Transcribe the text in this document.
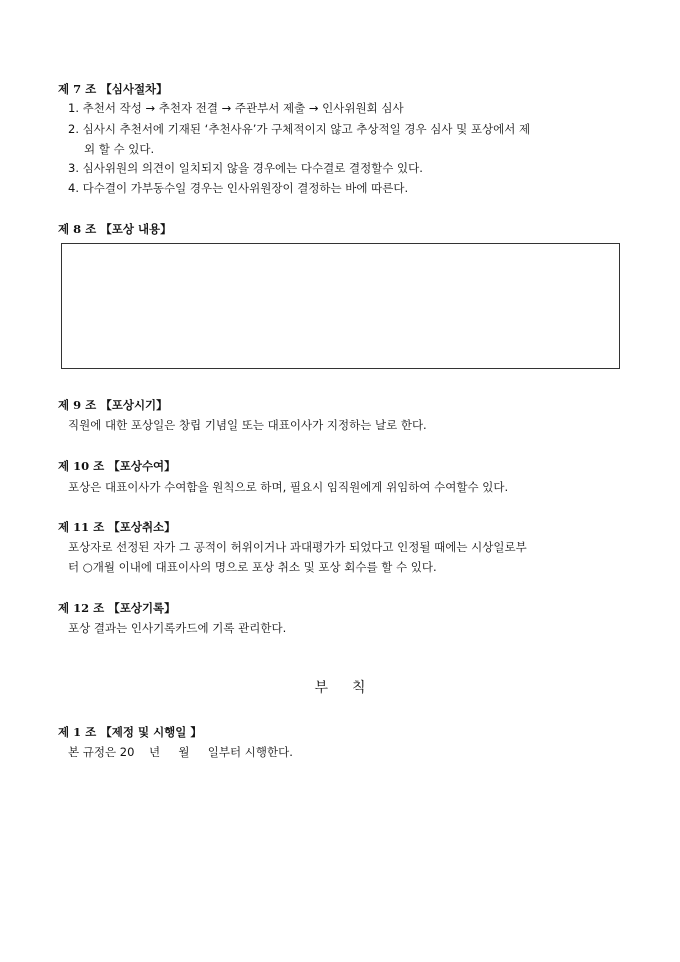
제 7 조 【심사절차】
1. 추천서 작성 → 추천자 전결 → 주관부서 제출 → 인사위원회 심사
2. 심사시 추천서에 기재된 ‘추천사유’가 구체적이지 않고 추상적일 경우 심사 및 포상에서 제
외 할 수 있다.
3. 심사위원의 의견이 일치되지 않을 경우에는 다수결로 결정할수 있다.
4. 다수결이 가부동수일 경우는 인사위원장이 결정하는 바에 따른다.
제 8 조 【포상 내용】
제 9 조 【포상시기】
직원에 대한 포상일은 창립 기념일 또는 대표이사가 지정하는 날로 한다.
제 10 조 【포상수여】
포상은 대표이사가 수여함을 원칙으로 하며, 필요시 임직원에게 위임하여 수여할수 있다.
제 11 조 【포상취소】
포상자로 선정된 자가 그 공적이 허위이거나 과대평가가 되었다고 인정될 때에는 시상일로부
터 ○개월 이내에 대표이사의 명으로 포상 취소 및 포상 회수를 할 수 있다.
제 12 조 【포상기록】
포상 결과는 인사기록카드에 기록 관리한다.
부칙
제 1 조 【제정 및 시행일 】
본 규정은 20    년     월     일부터 시행한다.
